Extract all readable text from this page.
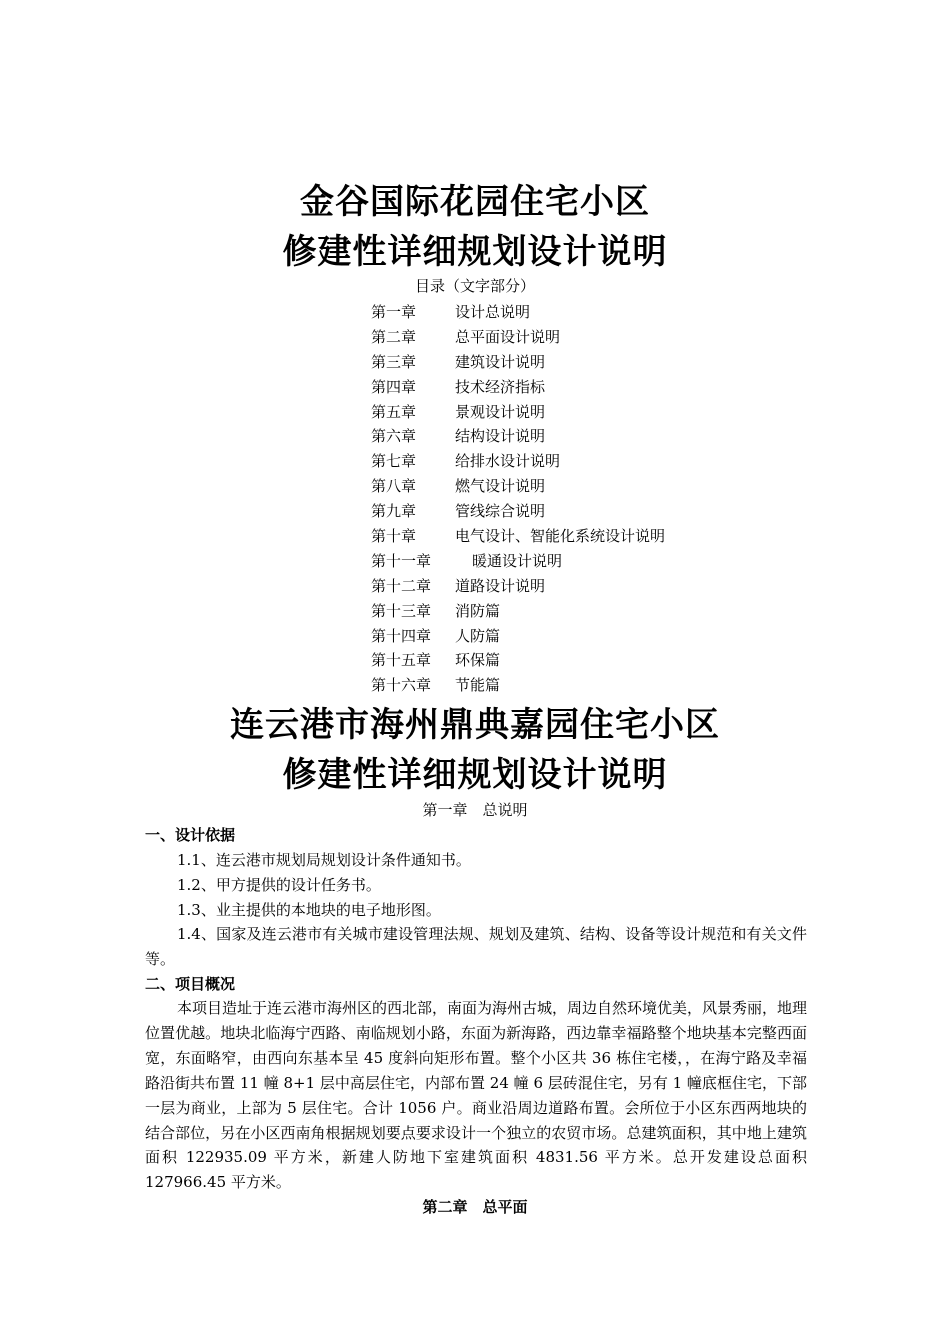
金谷国际花园住宅小区
修建性详细规划设计说明
目录（文字部分）
第一章	设计总说明
第二章	总平面设计说明
第三章	建筑设计说明
第四章	技术经济指标
第五章	景观设计说明
第六章	结构设计说明
第七章	给排水设计说明
第八章	燃气设计说明
第九章	管线综合说明
第十章	电气设计、智能化系统设计说明
第十一章	暖通设计说明
第十二章 道路设计说明
第十三章 消防篇
第十四章 人防篇
第十五章 环保篇
第十六章 节能篇
连云港市海州鼎典嘉园住宅小区
修建性详细规划设计说明
第一章　总说明
一、设计依据
1.1、连云港市规划局规划设计条件通知书。
1.2、甲方提供的设计任务书。
1.3、业主提供的本地块的电子地形图。
1.4、国家及连云港市有关城市建设管理法规、规划及建筑、结构、设备等设计规范和有关文件等。
二、项目概况
本项目造址于连云港市海州区的西北部，南面为海州古城，周边自然环境优美，风景秀丽，地理位置优越。地块北临海宁西路、南临规划小路，东面为新海路，西边靠幸福路整个地块基本完整西面宽，东面略窄，由西向东基本呈 45 度斜向矩形布置。整个小区共 36 栋住宅楼，，在海宁路及幸福路沿街共布置 11 幢 8+1 层中高层住宅，内部布置 24 幢 6 层砖混住宅，另有 1 幢底框住宅，下部一层为商业，上部为 5 层住宅。合计 1056 户。商业沿周边道路布置。会所位于小区东西两地块的结合部位，另在小区西南角根据规划要点要求设计一个独立的农贸市场。总建筑面积，其中地上建筑面积 122935.09 平方米，新建人防地下室建筑面积 4831.56 平方米。总开发建设总面积 127966.45 平方米。
第二章　总平面
